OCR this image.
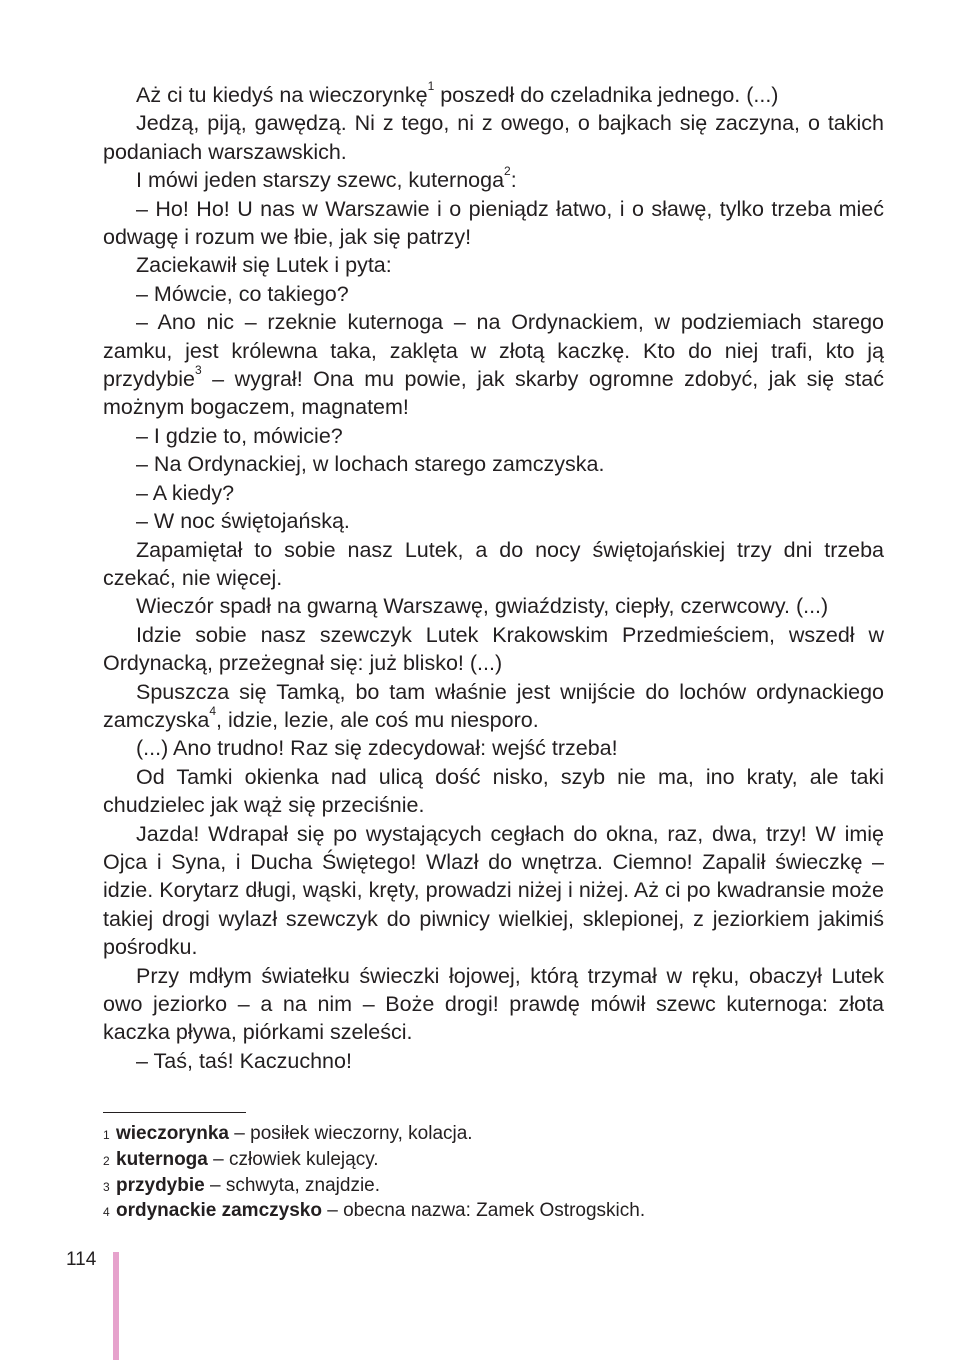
Aż ci tu kiedyś na wieczorynkę$^1$ poszedł do czeladnika jednego. (...)

Jedzą, piją, gawędzą. Ni z tego, ni z owego, o bajkach się zaczyna, o takich podaniach warszawskich.

I mówi jeden starszy szewc, kuternoga$^2$:

– Ho! Ho! U nas w Warszawie i o pieniądz łatwo, i o sławę, tylko trzeba mieć odwagę i rozum we łbie, jak się patrzy!

Zaciekawił się Lutek i pyta:

– Mówcie, co takiego?

– Ano nic – rzeknie kuternoga – na Ordynackiem, w podziemiach starego zamku, jest królewna taka, zaklęta w złotą kaczkę. Kto do niej trafi, kto ją przydybie$^3$ – wygrał! Ona mu powie, jak skarby ogromne zdobyć, jak się stać możnym bogaczem, magnatem!

– I gdzie to, mówicie?

– Na Ordynackiej, w lochach starego zamczyska.

– A kiedy?

– W noc świętojańską.

Zapamiętał to sobie nasz Lutek, a do nocy świętojańskiej trzy dni trzeba czekać, nie więcej.

Wieczór spadł na gwarną Warszawę, gwiaździsty, ciepły, czerwcowy. (...)

Idzie sobie nasz szewczyk Lutek Krakowskim Przedmieściem, wszedł w Ordynacką, przeżegnał się: już blisko! (...)

Spuszcza się Tamką, bo tam właśnie jest wnijście do lochów ordynackiego zamczyska$^4$, idzie, lezie, ale coś mu niesporo.

(...) Ano trudno! Raz się zdecydował: wejść trzeba!

Od Tamki okienka nad ulicą dość nisko, szyb nie ma, ino kraty, ale taki chudzielec jak wąż się przeciśnie.

Jazda! Wdrapał się po wystających cegłach do okna, raz, dwa, trzy! W imię Ojca i Syna, i Ducha Świętego! Wlazł do wnętrza. Ciemno! Zapalił świeczkę – idzie. Korytarz długi, wąski, kręty, prowadzi niżej i niżej. Aż ci po kwadransie może takiej drogi wylazł szewczyk do piwnicy wielkiej, sklepionej, z jeziorkiem jakimiś pośrodku.

Przy mdłym światełku świeczki łojowej, którą trzymał w ręku, obaczył Lutek owo jeziorko – a na nim – Boże drogi! prawdę mówił szewc kuternoga: złota kaczka pływa, piórkami szeleści.

– Taś, taś! Kaczuchno!

1 wieczorynka – posiłek wieczorny, kolacja.

2 kuternoga – człowiek kulejący.

3 przydybie – schwyta, znajdzie.

4 ordynackie zamczysko – obecna nazwa: Zamek Ostrogskich.

114
